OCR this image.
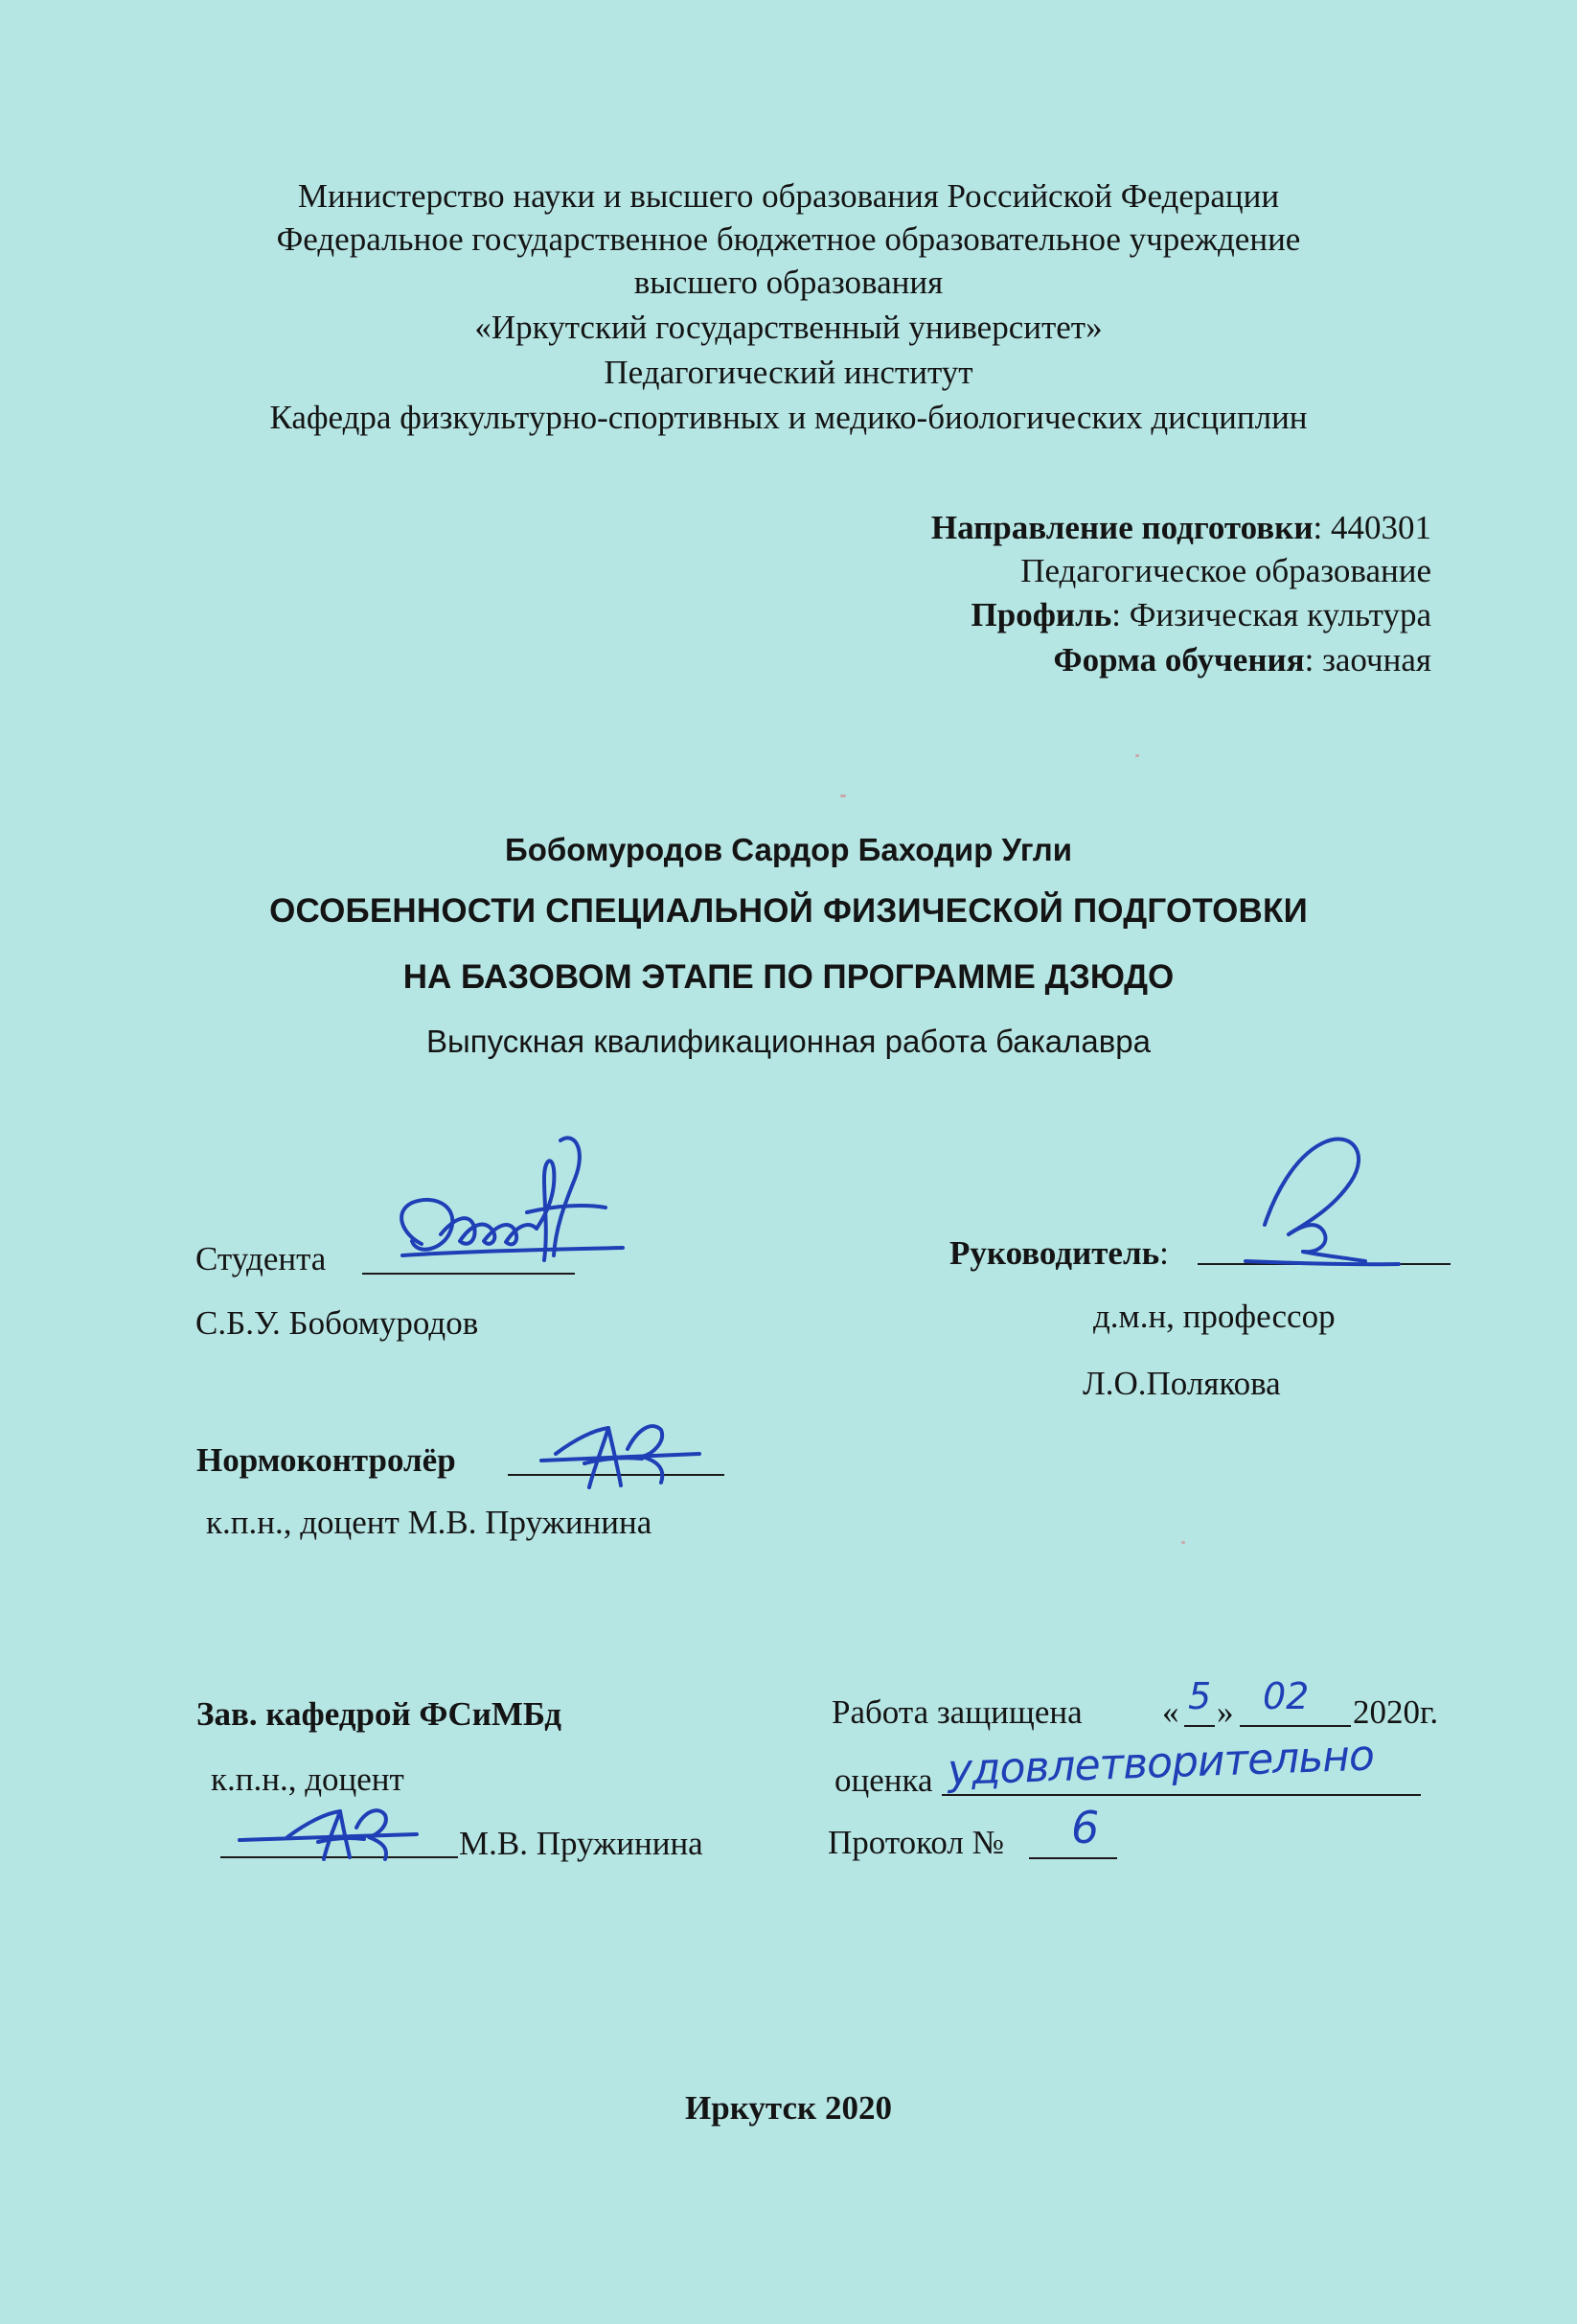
Министерство науки и высшего образования Российской Федерации
Федеральное государственное бюджетное образовательное учреждение
высшего образования
«Иркутский государственный университет»
Педагогический институт
Кафедра физкультурно-спортивных и медико-биологических дисциплин
Направление подготовки: 440301
Педагогическое образование
Профиль: Физическая культура
Форма обучения: заочная
Бобомуродов Сардор Баходир Угли
ОСОБЕННОСТИ СПЕЦИАЛЬНОЙ ФИЗИЧЕСКОЙ ПОДГОТОВКИ
НА БАЗОВОМ ЭТАПЕ ПО ПРОГРАММЕ ДЗЮДО
Выпускная квалификационная работа бакалавра
Студента
С.Б.У. Бобомуродов
Руководитель:
д.м.н, профессор
Л.О.Полякова
Нормоконтролёр
к.п.н., доцент М.В. Пружинина
Зав. кафедрой ФСиМБд
к.п.н., доцент
М.В. Пружинина
Работа защищена « »	2020г.
оценка
Протокол №
5 02
удовлетворительно
6
Иркутск 2020
